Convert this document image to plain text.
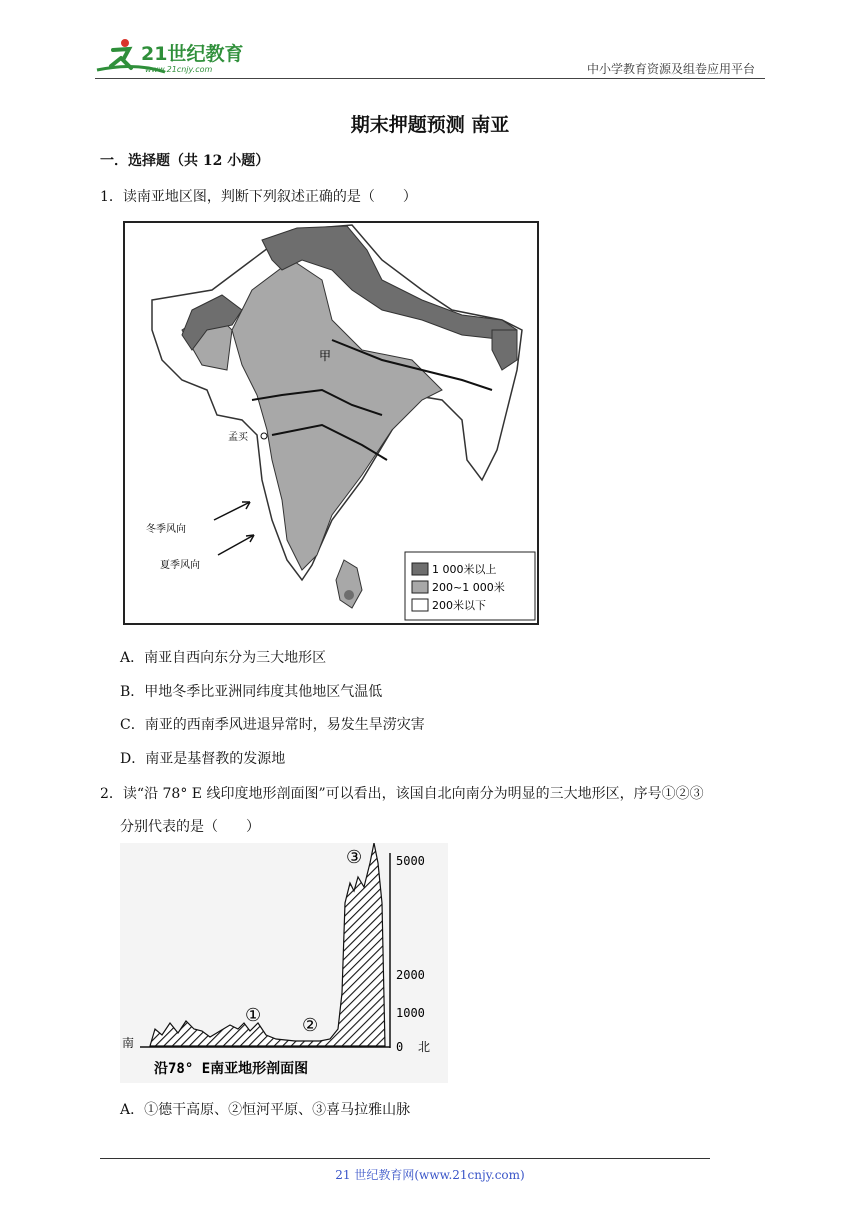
21世纪教育
www.21cnjy.com	中小学教育资源及组卷应用平台
期末押题预测 南亚
一．选择题（共 12 小题）
1．读南亚地区图，判断下列叙述正确的是（　　）
甲
孟买
冬季风向
夏季风向	1 000米以上
200~1 000米
200米以下
A．南亚自西向东分为三大地形区
B．甲地冬季比亚洲同纬度其他地区气温低
C．南亚的西南季风进退异常时，易发生旱涝灾害
D．南亚是基督教的发源地
2．读“沿 78° E 线印度地形剖面图”可以看出，该国自北向南分为明显的三大地形区，序号①②③
分别代表的是（　　）
5000
2000
1000
0 北
南
① ②
③
沿78° E南亚地形剖面图
A．①德干高原、②恒河平原、③喜马拉雅山脉
21 世纪教育网(www.21cnjy.com)
